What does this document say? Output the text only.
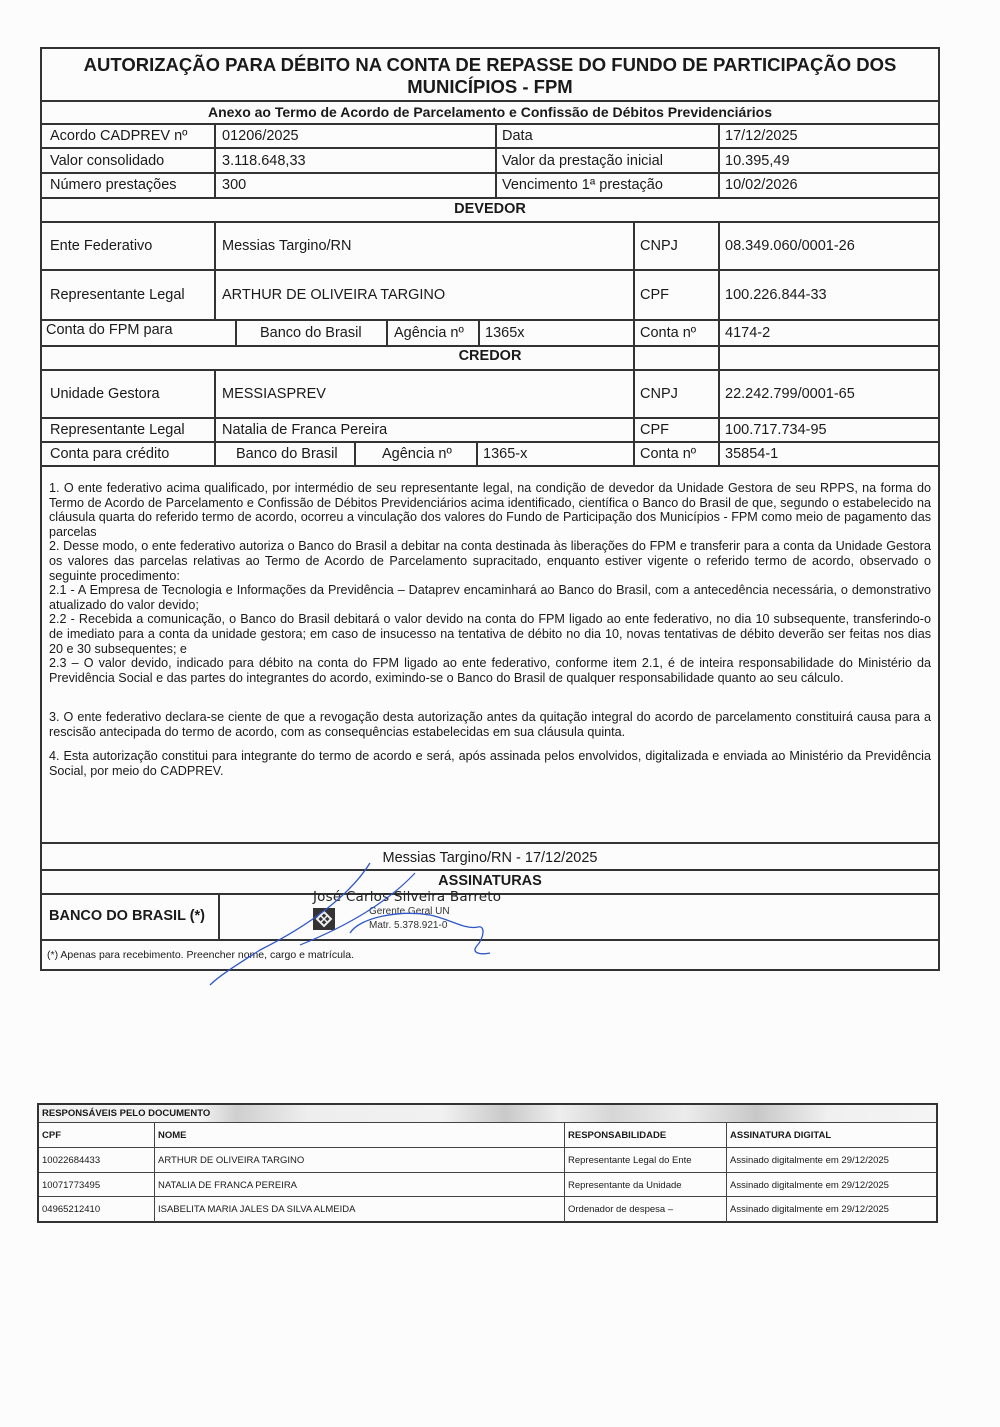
AUTORIZAÇÃO PARA DÉBITO NA CONTA DE REPASSE DO FUNDO DE PARTICIPAÇÃO DOS
MUNICÍPIOS - FPM
Anexo ao Termo de Acordo de Parcelamento e Confissão de Débitos Previdenciários
Acordo CADPREV nº 01206/2025	Data	17/12/2025
Valor consolidado	3.118.648,33	Valor da prestação inicial	10.395,49
Número prestações	300	Vencimento 1ª prestação	10/02/2026
DEVEDOR
Ente Federativo	Messias Targino/RN	CNPJ	08.349.060/0001-26
Representante Legal	ARTHUR DE OLIVEIRA TARGINO	CPF	100.226.844-33
Conta do FPM para	Banco do Brasil Agência nº 1365x	Conta nº 4174-2
CREDOR
Unidade Gestora	MESSIASPREV	CNPJ	22.242.799/0001-65
Representante Legal	Natalia de Franca Pereira	CPF	100.717.734-95
Conta para crédito	Banco do Brasil	Agência nº 1365-x	Conta nº 35854-1

1. O ente federativo acima qualificado, por intermédio de seu representante legal, na condição de devedor da Unidade Gestora de seu RPPS, na forma do Termo de Acordo de Parcelamento e Confissão de Débitos Previdenciários acima identificado, científica o Banco do Brasil de que, segundo o estabelecido na cláusula quarta do referido termo de acordo, ocorreu a vinculação dos valores do Fundo de Participação dos Municípios - FPM como meio de pagamento das parcelas

2. Desse modo, o ente federativo autoriza o Banco do Brasil a debitar na conta destinada às liberações do FPM e transferir para a conta da Unidade Gestora os valores das parcelas relativas ao Termo de Acordo de Parcelamento supracitado, enquanto estiver vigente o referido termo de acordo, observado o seguinte procedimento:

2.1 - A Empresa de Tecnologia e Informações da Previdência – Dataprev encaminhará ao Banco do Brasil, com a antecedência necessária, o demonstrativo atualizado do valor devido;

2.2 - Recebida a comunicação, o Banco do Brasil debitará o valor devido na conta do FPM ligado ao ente federativo, no dia 10 subsequente, transferindo-o de imediato para a conta da unidade gestora; em caso de insucesso na tentativa de débito no dia 10, novas tentativas de débito deverão ser feitas nos dias 20 e 30 subsequentes; e

2.3 – O valor devido, indicado para débito na conta do FPM ligado ao ente federativo, conforme item 2.1, é de inteira responsabilidade do Ministério da Previdência Social e das partes do integrantes do acordo, eximindo-se o Banco do Brasil de qualquer responsabilidade quanto ao seu cálculo.

3. O ente federativo declara-se ciente de que a revogação desta autorização antes da quitação integral do acordo de parcelamento constituirá causa para a rescisão antecipada do termo de acordo, com as consequências estabelecidas em sua cláusula quinta.

4. Esta autorização constitui para integrante do termo de acordo e será, após assinada pelos envolvidos, digitalizada e enviada ao Ministério da Previdência Social, por meio do CADPREV.

Messias Targino/RN - 17/12/2025
ASSINATURAS
BANCO DO BRASIL (*)
(*) Apenas para recebimento. Preencher nome, cargo e matrícula.
José Carlos Silveira Barreto
Gerente Geral UN
Matr. 5.378.921-0
RESPONSÁVEIS PELO DOCUMENTO
CPF	NOME	RESPONSABILIDADE	ASSINATURA DIGITAL
10022684433	ARTHUR DE OLIVEIRA TARGINO	Representante Legal do Ente	Assinado digitalmente em 29/12/2025
10071773495	NATALIA DE FRANCA PEREIRA	Representante da Unidade	Assinado digitalmente em 29/12/2025
04965212410	ISABELITA MARIA JALES DA SILVA ALMEIDA	Ordenador de despesa –	Assinado digitalmente em 29/12/2025
